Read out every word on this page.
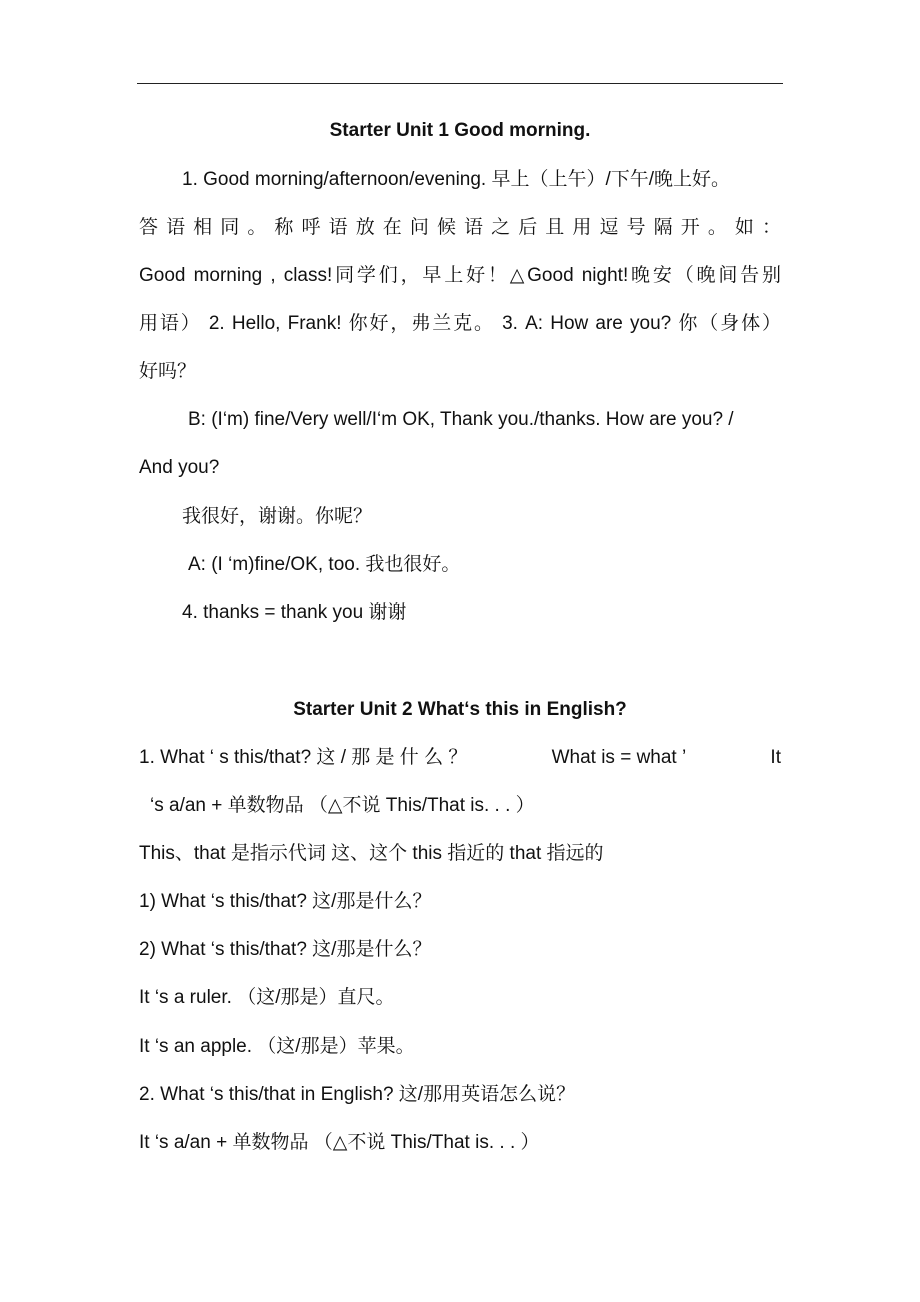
Starter Unit 1 Good morning.
1. Good morning/afternoon/evening. 早上（上午）/下午/晚上好。
答语相同。称呼语放在问候语之后且用逗号隔开。如：
Good morning , class!同学们，早上好！△Good night!晚安（晚间告别
用语） 2. Hello, Frank! 你好，弗兰克。 3. A: How are you? 你（身体）
好吗？
B: (I‘m) fine/Very well/I‘m OK, Thank you./thanks. How are you? /
And you?
我很好，谢谢。你呢？
A: (I ‘m)fine/OK, too. 我也很好。
4. thanks = thank you 谢谢
Starter Unit 2 What‘s this in English?
1. What ‘ s this/that? 这 / 那 是 什 么 ？	What is = what ’	It
‘s a/an + 单数物品 （△不说 This/That is. . . ）
This、that 是指示代词 这、这个 this 指近的 that 指远的
1) What ‘s this/that? 这/那是什么？
2) What ‘s this/that? 这/那是什么？
It ‘s a ruler. （这/那是）直尺。
It ‘s an apple. （这/那是）苹果。
2. What ‘s this/that in English? 这/那用英语怎么说？
It ‘s a/an + 单数物品 （△不说 This/That is. . . ）
